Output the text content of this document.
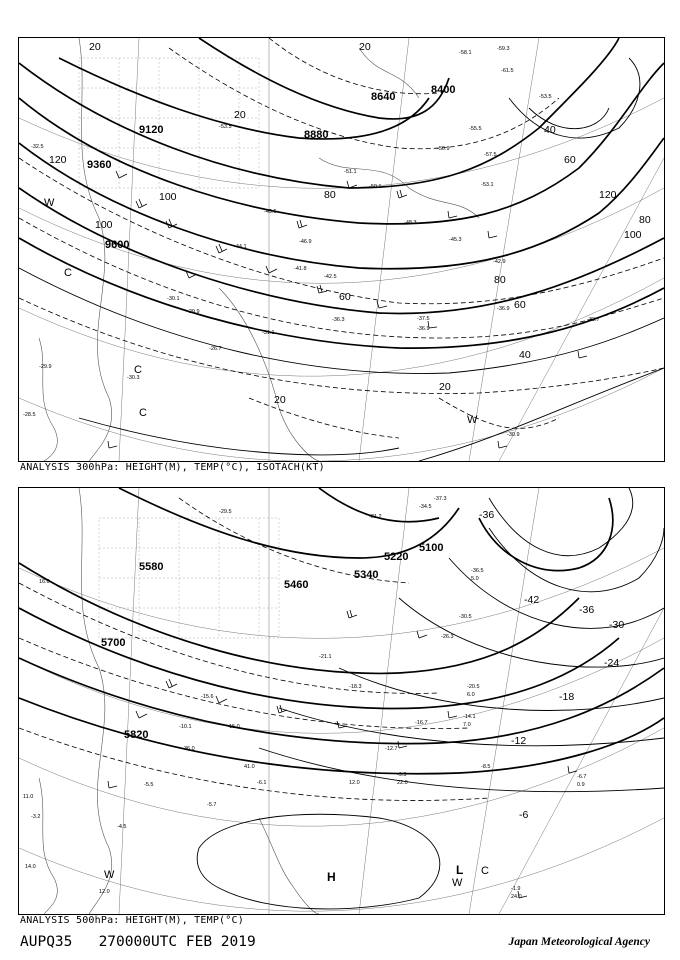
9120	8880
8400
9360
9600
8640
20	20
20
40
60
80
100
120
120
100
80
60
40
20
20
60
80
100
-53.5
-51.1
-49.5
-46.9
-42.5
-41.8
-37.5
-36.3
-31.1
-30.1
-29.9
-26.7
-33.7
-36.9
-45.3
-42.9
-53.5
-57.5
-58.1
-59.3
-61.5
-50.9
-55.5
-36.9
-30.9
-32.5
-28.5
-29.9
-30.3
-53.1
-50.1
-48.3
-44.1
C
C
C
W
W
ANALYSIS 300hPa: HEIGHT(M), TEMP(°C), ISOTACH(KT)
5580
5700
5820
5340
5100
5220
5460
-42
-36
-30
-24
-18
-12
-6
-36
-29.5
-31.2
-34.5
-37.3
-36.5
-26.3
-20.5
-14.1
-12.7
-9.5
-8.5
-6.7
0.9
-1.9
24.0
-18.3
-16.7
-21.1
-30.5
-15.6
-10.1
-5.5
-4.5
-3.2
-6.1
-5.7
15.0
22.0
12.0
41.0
36.0
7.0
6.0
5.0
11.0
14.0
16.0
12.0
W	H	L
W
C
ANALYSIS 500hPa: HEIGHT(M), TEMP(°C)
AUPQ35   270000UTC FEB 2019	Japan Meteorological Agency
